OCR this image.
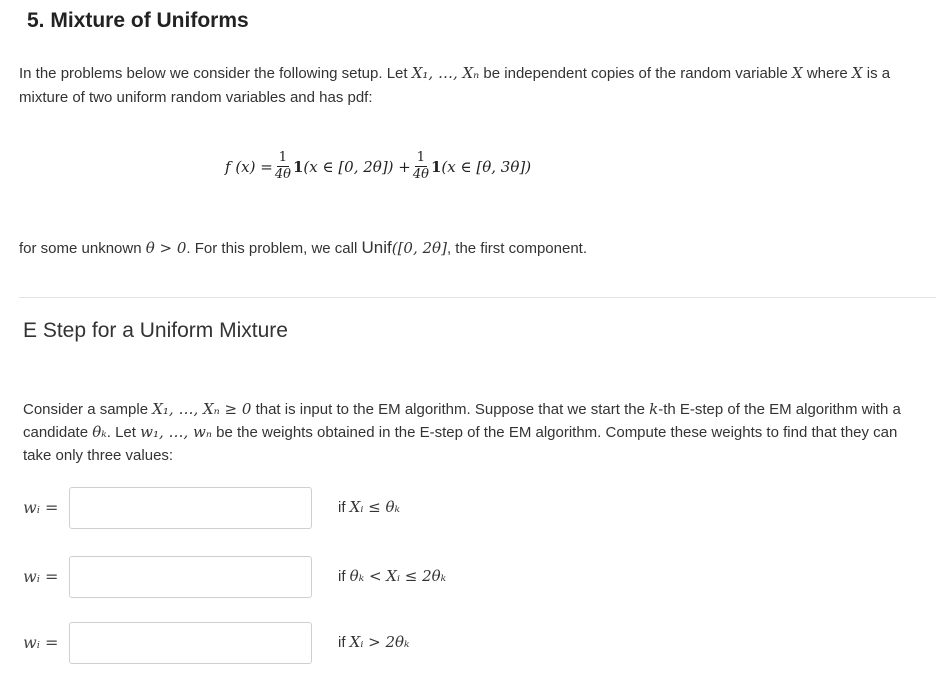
5. Mixture of Uniforms
In the problems below we consider the following setup. Let X₁, …, Xₙ be independent copies of the random variable X where X is a mixture of two uniform random variables and has pdf:
f $(x) = \frac{1}{4\theta} 1$ (x ∈ [0, $2\theta]) + \frac{1}{4\theta} 1$ (x ∈ [θ, 3θ])
for some unknown θ > 0. For this problem, we call Unif([0, 2θ], the first component.
E Step for a Uniform Mixture
Consider a sample X₁, …, Xₙ ≥ 0 that is input to the EM algorithm. Suppose that we start the k-th E-step of the EM algorithm with a candidate θₖ. Let w₁, …, wₙ be the weights obtained in the E-step of the EM algorithm. Compute these weights to find that they can take only three values:
wᵢ =	if Xᵢ ≤ θₖ
wᵢ =	if θₖ < Xᵢ ≤ 2θₖ
wᵢ =	if Xᵢ > 2θₖ
